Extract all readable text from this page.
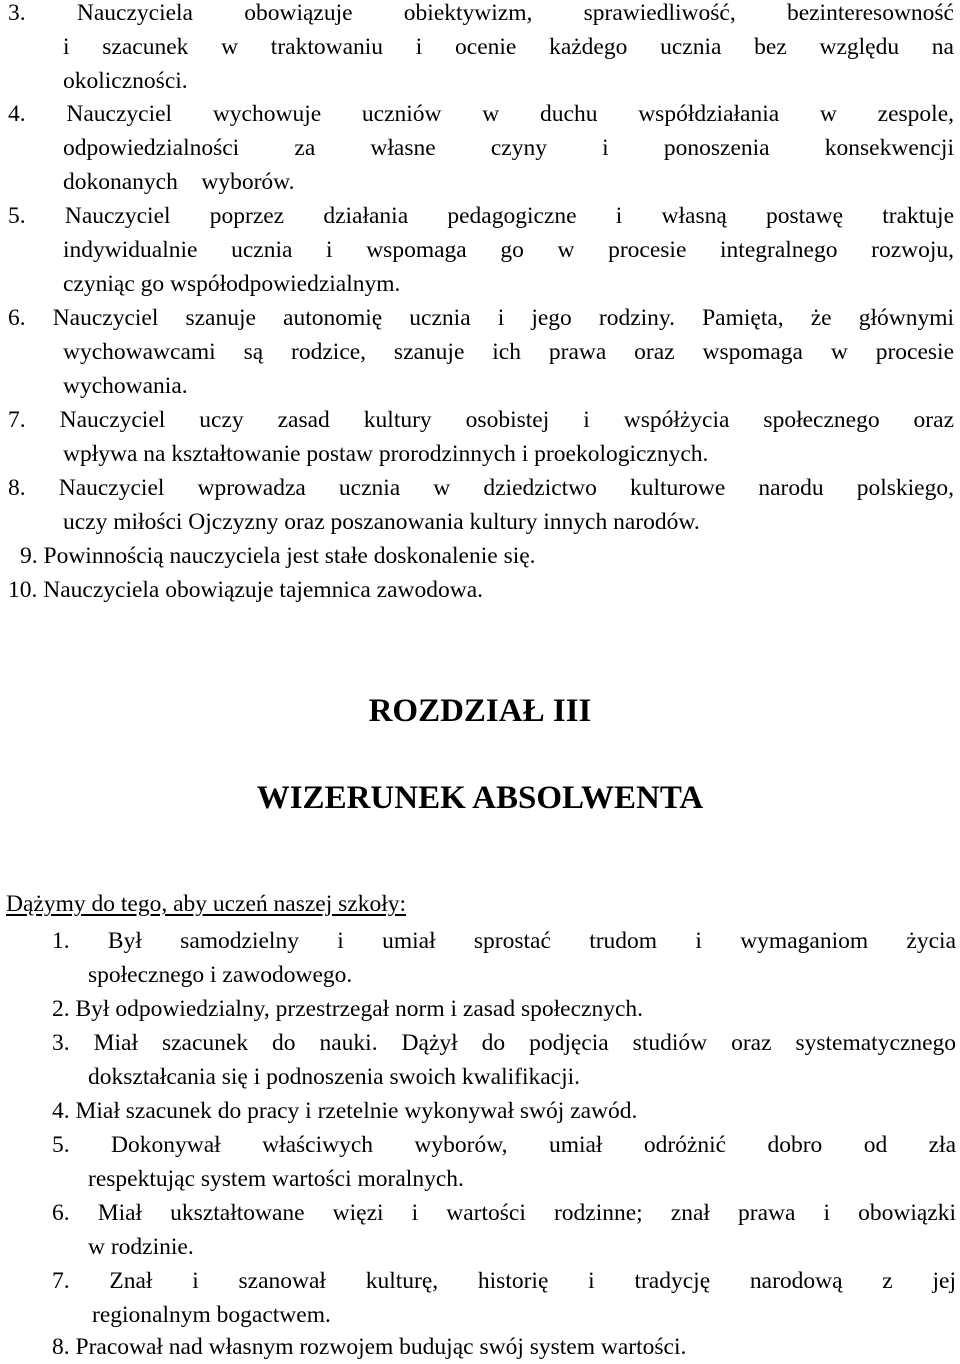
3. Nauczyciela obowiązuje obiektywizm, sprawiedliwość, bezinteresowność
i szacunek w traktowaniu i ocenie każdego ucznia bez względu na
okoliczności.
4. Nauczyciel wychowuje uczniów w duchu współdziałania w zespole,
odpowiedzialności za własne czyny i ponoszenia konsekwencji
dokonanych    wyborów.
5. Nauczyciel poprzez działania pedagogiczne i własną postawę traktuje
indywidualnie ucznia i wspomaga go w procesie integralnego rozwoju,
czyniąc go współodpowiedzialnym.
6. Nauczyciel szanuje autonomię ucznia i jego rodziny. Pamięta, że głównymi
wychowawcami są rodzice, szanuje ich prawa oraz wspomaga w procesie
wychowania.
7. Nauczyciel uczy zasad kultury osobistej i współżycia społecznego oraz
wpływa na kształtowanie postaw prorodzinnych i proekologicznych.
8. Nauczyciel wprowadza ucznia w dziedzictwo kulturowe narodu polskiego,
uczy miłości Ojczyzny oraz poszanowania kultury innych narodów.
9. Powinnością nauczyciela jest stałe doskonalenie się.
10. Nauczyciela obowiązuje tajemnica zawodowa.
ROZDZIAŁ III
WIZERUNEK ABSOLWENTA
Dążymy do tego, aby uczeń naszej szkoły:
1. Był samodzielny i umiał sprostać trudom i wymaganiom życia
społecznego i zawodowego.
2. Był odpowiedzialny, przestrzegał norm i zasad społecznych.
3. Miał szacunek do nauki. Dążył do podjęcia studiów oraz systematycznego
dokształcania się i podnoszenia swoich kwalifikacji.
4. Miał szacunek do pracy i rzetelnie wykonywał swój zawód.
5. Dokonywał właściwych wyborów, umiał odróżnić dobro od zła
respektując system wartości moralnych.
6. Miał ukształtowane więzi i wartości rodzinne; znał prawa i obowiązki
w rodzinie.
7. Znał i szanował kulturę, historię i tradycję narodową z jej
regionalnym bogactwem.
8. Pracował nad własnym rozwojem budując swój system wartości.
